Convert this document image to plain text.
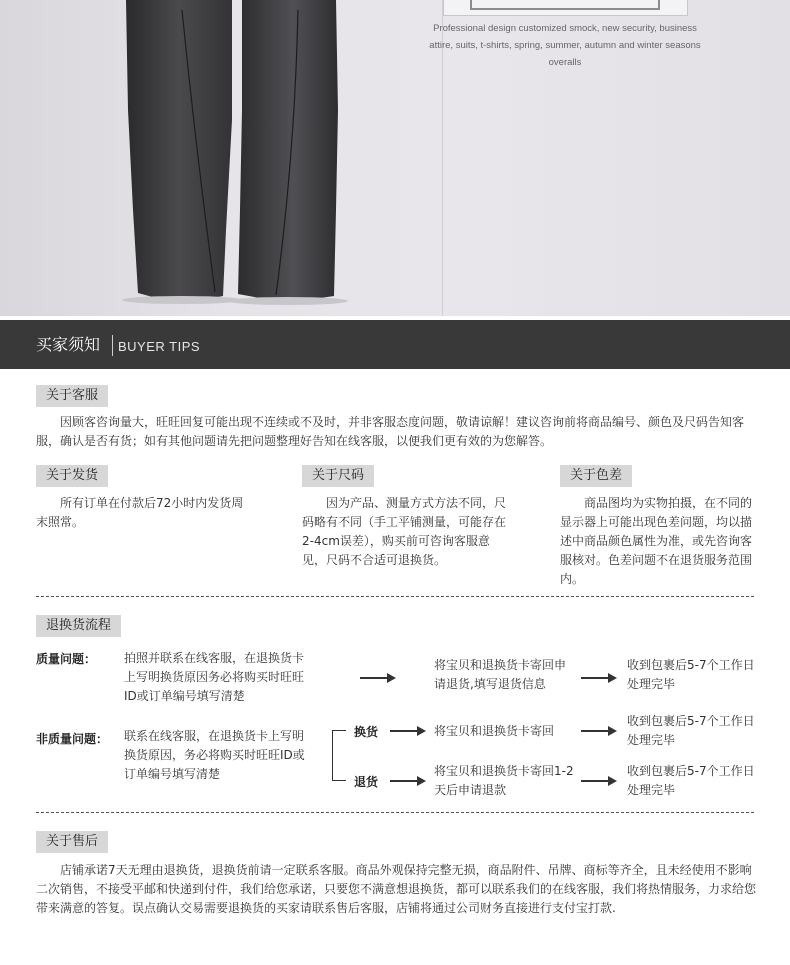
Professional design customized smock, new security, business attire, suits, t-shirts, spring, summer, autumn and winter seasons overalls
买家须知 BUYER TIPS
关于客服
因顾客咨询量大，旺旺回复可能出现不连续或不及时，并非客服态度问题，敬请谅解！建议咨询前将商品编号、颜色及尺码告知客服，确认是否有货；如有其他问题请先把问题整理好告知在线客服，以便我们更有效的为您解答。
关于发货
所有订单在付款后72小时内发货周末照常。
关于尺码
因为产品、测量方式方法不同，尺码略有不同（手工平铺测量，可能存在2-4cm误差），购买前可咨询客服意见，尺码不合适可退换货。
关于色差
商品图均为实物拍摄，在不同的显示器上可能出现色差问题，均以描述中商品颜色属性为准，或先咨询客服核对。色差问题不在退货服务范围内。
退换货流程
质量问题： 拍照并联系在线客服，在退换货卡上写明换货原因务必将购买时旺旺ID或订单编号填写清楚
将宝贝和退换货卡寄回申请退货,填写退货信息
收到包裹后5-7个工作日处理完毕
非质量问题： 联系在线客服，在退换货卡上写明换货原因，务必将购买时旺旺ID或订单编号填写清楚
换货	将宝贝和退换货卡寄回
收到包裹后5-7个工作日处理完毕
退货
将宝贝和退换货卡寄回1-2天后申请退款
收到包裹后5-7个工作日处理完毕
关于售后
店铺承诺7天无理由退换货，退换货前请一定联系客服。商品外观保持完整无损，商品附件、吊牌、商标等齐全，且未经使用不影响二次销售，不接受平邮和快递到付件，我们给您承诺，只要您不满意想退换货，都可以联系我们的在线客服，我们将热情服务，力求给您带来满意的答复。误点确认交易需要退换货的买家请联系售后客服，店铺将通过公司财务直接进行支付宝打款.
